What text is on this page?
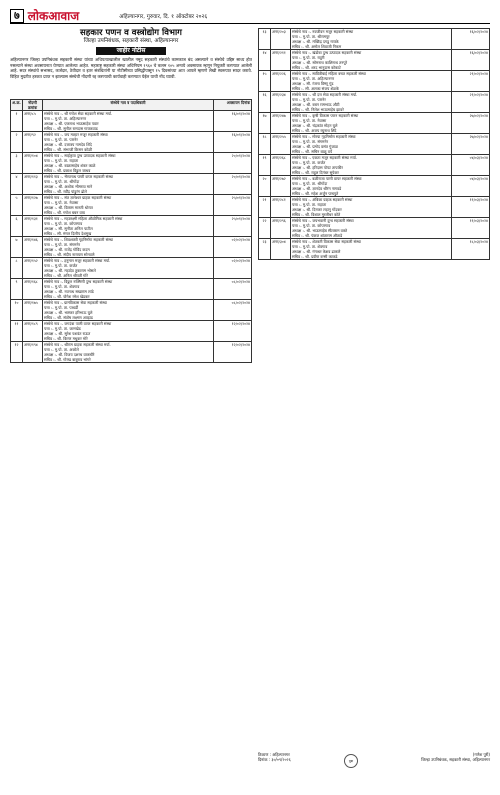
७ लोकआवाज	अहिल्यानगर, गुरुवार, दि. १ ऑक्टोबर २०२६
सहकार पणन व वस्त्रोद्योग विभाग
जिल्हा उपनिबंधक, सहकारी संस्था, अहिल्यानगर
जाहीर नोटीस
अहिल्यानगर जिल्हा उपनिबंधक सहकारी संस्था यांच्या अधिपत्याखालील खालील नमूद सहकारी संस्थांचे कामकाज बंद असल्याने व संस्थेचे उद्दिष्ट साध्य होत नसल्याने संस्था अवसायनात घेण्यात आलेल्या आहेत. महाराष्ट्र सहकारी संस्था अधिनियम १९६० चे कलम १०५ अन्वये अवसायक म्हणून नियुक्ती करण्यात आलेली आहे. सदर संस्थांचे सभासद, कर्जदार, ठेवीदार व इतर संबंधितांनी या नोटीसीच्या प्रसिद्धीपासून १५ दिवसांच्या आत आपले म्हणणे लेखी स्वरूपात सादर करावे. विहित मुदतीत हरकत प्राप्त न झाल्यास संस्थेची नोंदणी रद्द करण्याची कार्यवाही करण्यात येईल याची नोंद घ्यावी.
अ.क्र.	नोंदणी क्रमांक	संस्थेचे नाव व पदाधिकारी	अवसायन दिनांक
१	अनर/८५	संस्थेचे नाव :- श्री गणेश सेवा सहकारी संस्था मर्या.
पत्ता :- मु.पो. ता. अहिल्यानगर
अध्यक्ष :- श्री. एकनाथ भाऊसाहेब पवार
सचिव :- श्री. सुनील रामदास गायकवाड	१६/०१/२०२४
२	अनर/९२	संस्थेचे नाव :- जय मल्हार मजूर सहकारी संस्था
पत्ता :- मु.पो. ता. पारनेर
अध्यक्ष :- श्री. दत्तात्रय नामदेव शिंदे
सचिव :- श्री. संभाजी किसन कोळी	१६/०१/२०२४
३	अनर/१०४	संस्थेचे नाव :- साईकृपा दुग्ध उत्पादक सहकारी संस्था
पत्ता :- मु.पो. ता. राहाता
अध्यक्ष :- श्री. बाळासाहेब शंकर काळे
सचिव :- श्री. प्रकाश विठ्ठल जाधव	२०/०१/२०२४
४	अनर/११३	संस्थेचे नाव :- भैरवनाथ पाणी वापर सहकारी संस्था
पत्ता :- मु.पो. ता. श्रीगोंदा
अध्यक्ष :- श्री. अशोक भीमराव माने
सचिव :- श्री. रवींद्र पांडुरंग ढोले	२०/०१/२०२४
५	अनर/१२७	संस्थेचे नाव :- संत ज्ञानेश्वर ग्राहक सहकारी संस्था
पत्ता :- मु.पो. ता. नेवासा
अध्यक्ष :- श्री. विलास मारुती थोरात
सचिव :- श्री. गणेश बबन वाघ	२५/०१/२०२४
६	अनर/१३१	संस्थेचे नाव :- महालक्ष्मी महिला औद्योगिक सहकारी संस्था
पत्ता :- मु.पो. ता. कोपरगाव
अध्यक्ष :- सौ. सुनीता अनिल पाटील
सचिव :- सौ. मंगल दिलीप देशमुख	२५/०१/२०२४
७	अनर/१४६	संस्थेचे नाव :- शिवशक्ती गृहनिर्माण सहकारी संस्था
पत्ता :- मु.पो. ता. संगमनेर
अध्यक्ष :- श्री. राजेंद्र गोविंद कदम
सचिव :- श्री. संदीप नारायण सोनवणे	०२/०२/२०२४
८	अनर/१५२	संस्थेचे नाव :- हनुमान मजूर सहकारी संस्था मर्या.
पत्ता :- मु.पो. ता. कर्जत
अध्यक्ष :- श्री. महादेव तुकाराम भोसले
सचिव :- श्री. अनिल श्रीपती गोरे	०२/०२/२०२४
९	अनर/१६८	संस्थेचे नाव :- विठ्ठल रुक्मिणी दुग्ध सहकारी संस्था
पत्ता :- मु.पो. ता. शेवगाव
अध्यक्ष :- श्री. नवनाथ सखाराम लांडे
सचिव :- श्री. योगेश रमेश खेडकर	०८/०२/२०२४
१०	अनर/१७५	संस्थेचे नाव :- ग्रामविकास सेवा सहकारी संस्था
पत्ता :- मु.पो. ता. पाथर्डी
अध्यक्ष :- श्री. भास्कर हरिभाऊ घुले
सचिव :- श्री. संतोष लक्ष्मण आव्हाड	०८/०२/२०२४
११	अनर/१८९	संस्थेचे नाव :- जगदंबा पाणी वापर सहकारी संस्था
पत्ता :- मु.पो. ता. जामखेड
अध्यक्ष :- श्री. सुरेश यशवंत राऊत
सचिव :- श्री. किरण मधुकर मोरे	१२/०२/२०२४
१२	अनर/१९४	संस्थेचे नाव :- श्रीराम ग्राहक सहकारी संस्था मर्या.
पत्ता :- मु.पो. ता. अकोले
अध्यक्ष :- श्री. विजय दशरथ वाकचौरे
सचिव :- श्री. गोरख बाबुराव भांगरे	१२/०२/२०२४
१३	अनर/२०३	संस्थेचे नाव :- नवजीवन मजूर सहकारी संस्था
पत्ता :- मु.पो. ता. श्रीरामपूर
अध्यक्ष :- श्री. मच्छिंद्र दगडू गायके
सचिव :- श्री. अमोल शिवाजी निकम	१६/०२/२०२४
१४	अनर/२११	संस्थेचे नाव :- खंडोबा दुग्ध उत्पादक सहकारी संस्था
पत्ता :- मु.पो. ता. राहुरी
अध्यक्ष :- श्री. सोमनाथ काशिनाथ तनपुरे
सचिव :- श्री. शरद भानुदास कोकाटे	१६/०२/२०२४
१५	अनर/२२६	संस्थेचे नाव :- सावित्रीबाई महिला बचत सहकारी संस्था
पत्ता :- मु.पो. ता. अहिल्यानगर
अध्यक्ष :- सौ. रंजना विष्णू गुंड
सचिव :- सौ. अलका संजय शेळके	२१/०२/२०२४
१६	अनर/२३४	संस्थेचे नाव :- श्री दत्त सेवा सहकारी संस्था मर्या.
पत्ता :- मु.पो. ता. पारनेर
अध्यक्ष :- श्री. बबन रामभाऊ औटी
सचिव :- श्री. निलेश भाऊसाहेब झावरे	२१/०२/२०२४
१७	अनर/२४७	संस्थेचे नाव :- कृषी विकास पणन सहकारी संस्था
पत्ता :- मु.पो. ता. नेवासा
अध्यक्ष :- श्री. चंद्रकांत मोहन घुले
सचिव :- श्री. अजय रघुनाथ शिंदे	२७/०२/२०२४
१८	अनर/२५५	संस्थेचे नाव :- मोरया गृहनिर्माण सहकारी संस्था
पत्ता :- मु.पो. ता. संगमनेर
अध्यक्ष :- श्री. प्रमोद वसंत गुंजाळ
सचिव :- श्री. सचिन बाळू वर्पे	२७/०२/२०२४
१९	अनर/२६८	संस्थेचे नाव :- एकता मजूर सहकारी संस्था मर्या.
पत्ता :- मु.पो. ता. कर्जत
अध्यक्ष :- श्री. हरिदास पोपट तापकीर
सचिव :- श्री. राहुल दिगंबर सुपेकर	०४/०३/२०२४
२०	अनर/२७२	संस्थेचे नाव :- बळीराजा पाणी वापर सहकारी संस्था
पत्ता :- मु.पो. ता. श्रीगोंदा
अध्यक्ष :- श्री. ज्ञानदेव श्रीरंग नागवडे
सचिव :- श्री. महेश अर्जुन पाचपुते	०४/०३/२०२४
२१	अनर/२८१	संस्थेचे नाव :- अंबिका ग्राहक सहकारी संस्था
पत्ता :- मु.पो. ता. राहाता
अध्यक्ष :- श्री. दिनकर लहानु गोंदकर
सचिव :- श्री. विशाल मुरलीधर कोते	११/०३/२०२४
२२	अनर/२९६	संस्थेचे नाव :- जयभवानी दुग्ध सहकारी संस्था
पत्ता :- मु.पो. ता. कोपरगाव
अध्यक्ष :- श्री. भाऊसाहेब सीताराम वक्ते
सचिव :- श्री. पंकज शांताराम औताडे	११/०३/२०२४
२३	अनर/३०४	संस्थेचे नाव :- शेतकरी विकास सेवा सहकारी संस्था
पत्ता :- मु.पो. ता. शेवगाव
अध्यक्ष :- श्री. गंगाधर केशव ढाकणे
सचिव :- श्री. प्रवीण बन्सी काकडे	१८/०३/२०२४
ठिकाण : अहिल्यानगर
दिनांक : ३०/०९/२०२६	मुद्रा
(गणेश पुरी)
जिल्हा उपनिबंधक, सहकारी संस्था, अहिल्यानगर
